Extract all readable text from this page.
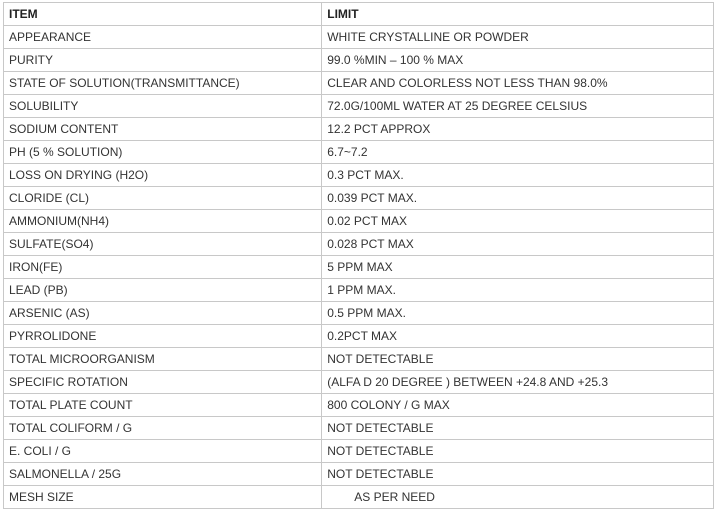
ITEM	LIMIT
APPEARANCE	WHITE CRYSTALLINE OR POWDER
PURITY	99.0 %MIN – 100 % MAX
STATE OF SOLUTION(TRANSMITTANCE)	CLEAR AND COLORLESS NOT LESS THAN 98.0%
SOLUBILITY	72.0G/100ML WATER AT 25 DEGREE CELSIUS
SODIUM CONTENT	12.2 PCT APPROX
PH (5 % SOLUTION)	6.7~7.2
LOSS ON DRYING (H2O)	0.3 PCT MAX.
CLORIDE (CL)	0.039 PCT MAX.
AMMONIUM(NH4)	0.02 PCT MAX
SULFATE(SO4)	0.028 PCT MAX
IRON(FE)	5 PPM MAX
LEAD (PB)	1 PPM MAX.
ARSENIC (AS)	0.5 PPM MAX.
PYRROLIDONE	0.2PCT MAX
TOTAL MICROORGANISM	NOT DETECTABLE
SPECIFIC ROTATION	(ALFA D 20 DEGREE ) BETWEEN +24.8 AND +25.3
TOTAL PLATE COUNT	800 COLONY / G MAX
TOTAL COLIFORM / G	NOT DETECTABLE
E. COLI / G	NOT DETECTABLE
SALMONELLA / 25G	NOT DETECTABLE
MESH SIZE	AS PER NEED
